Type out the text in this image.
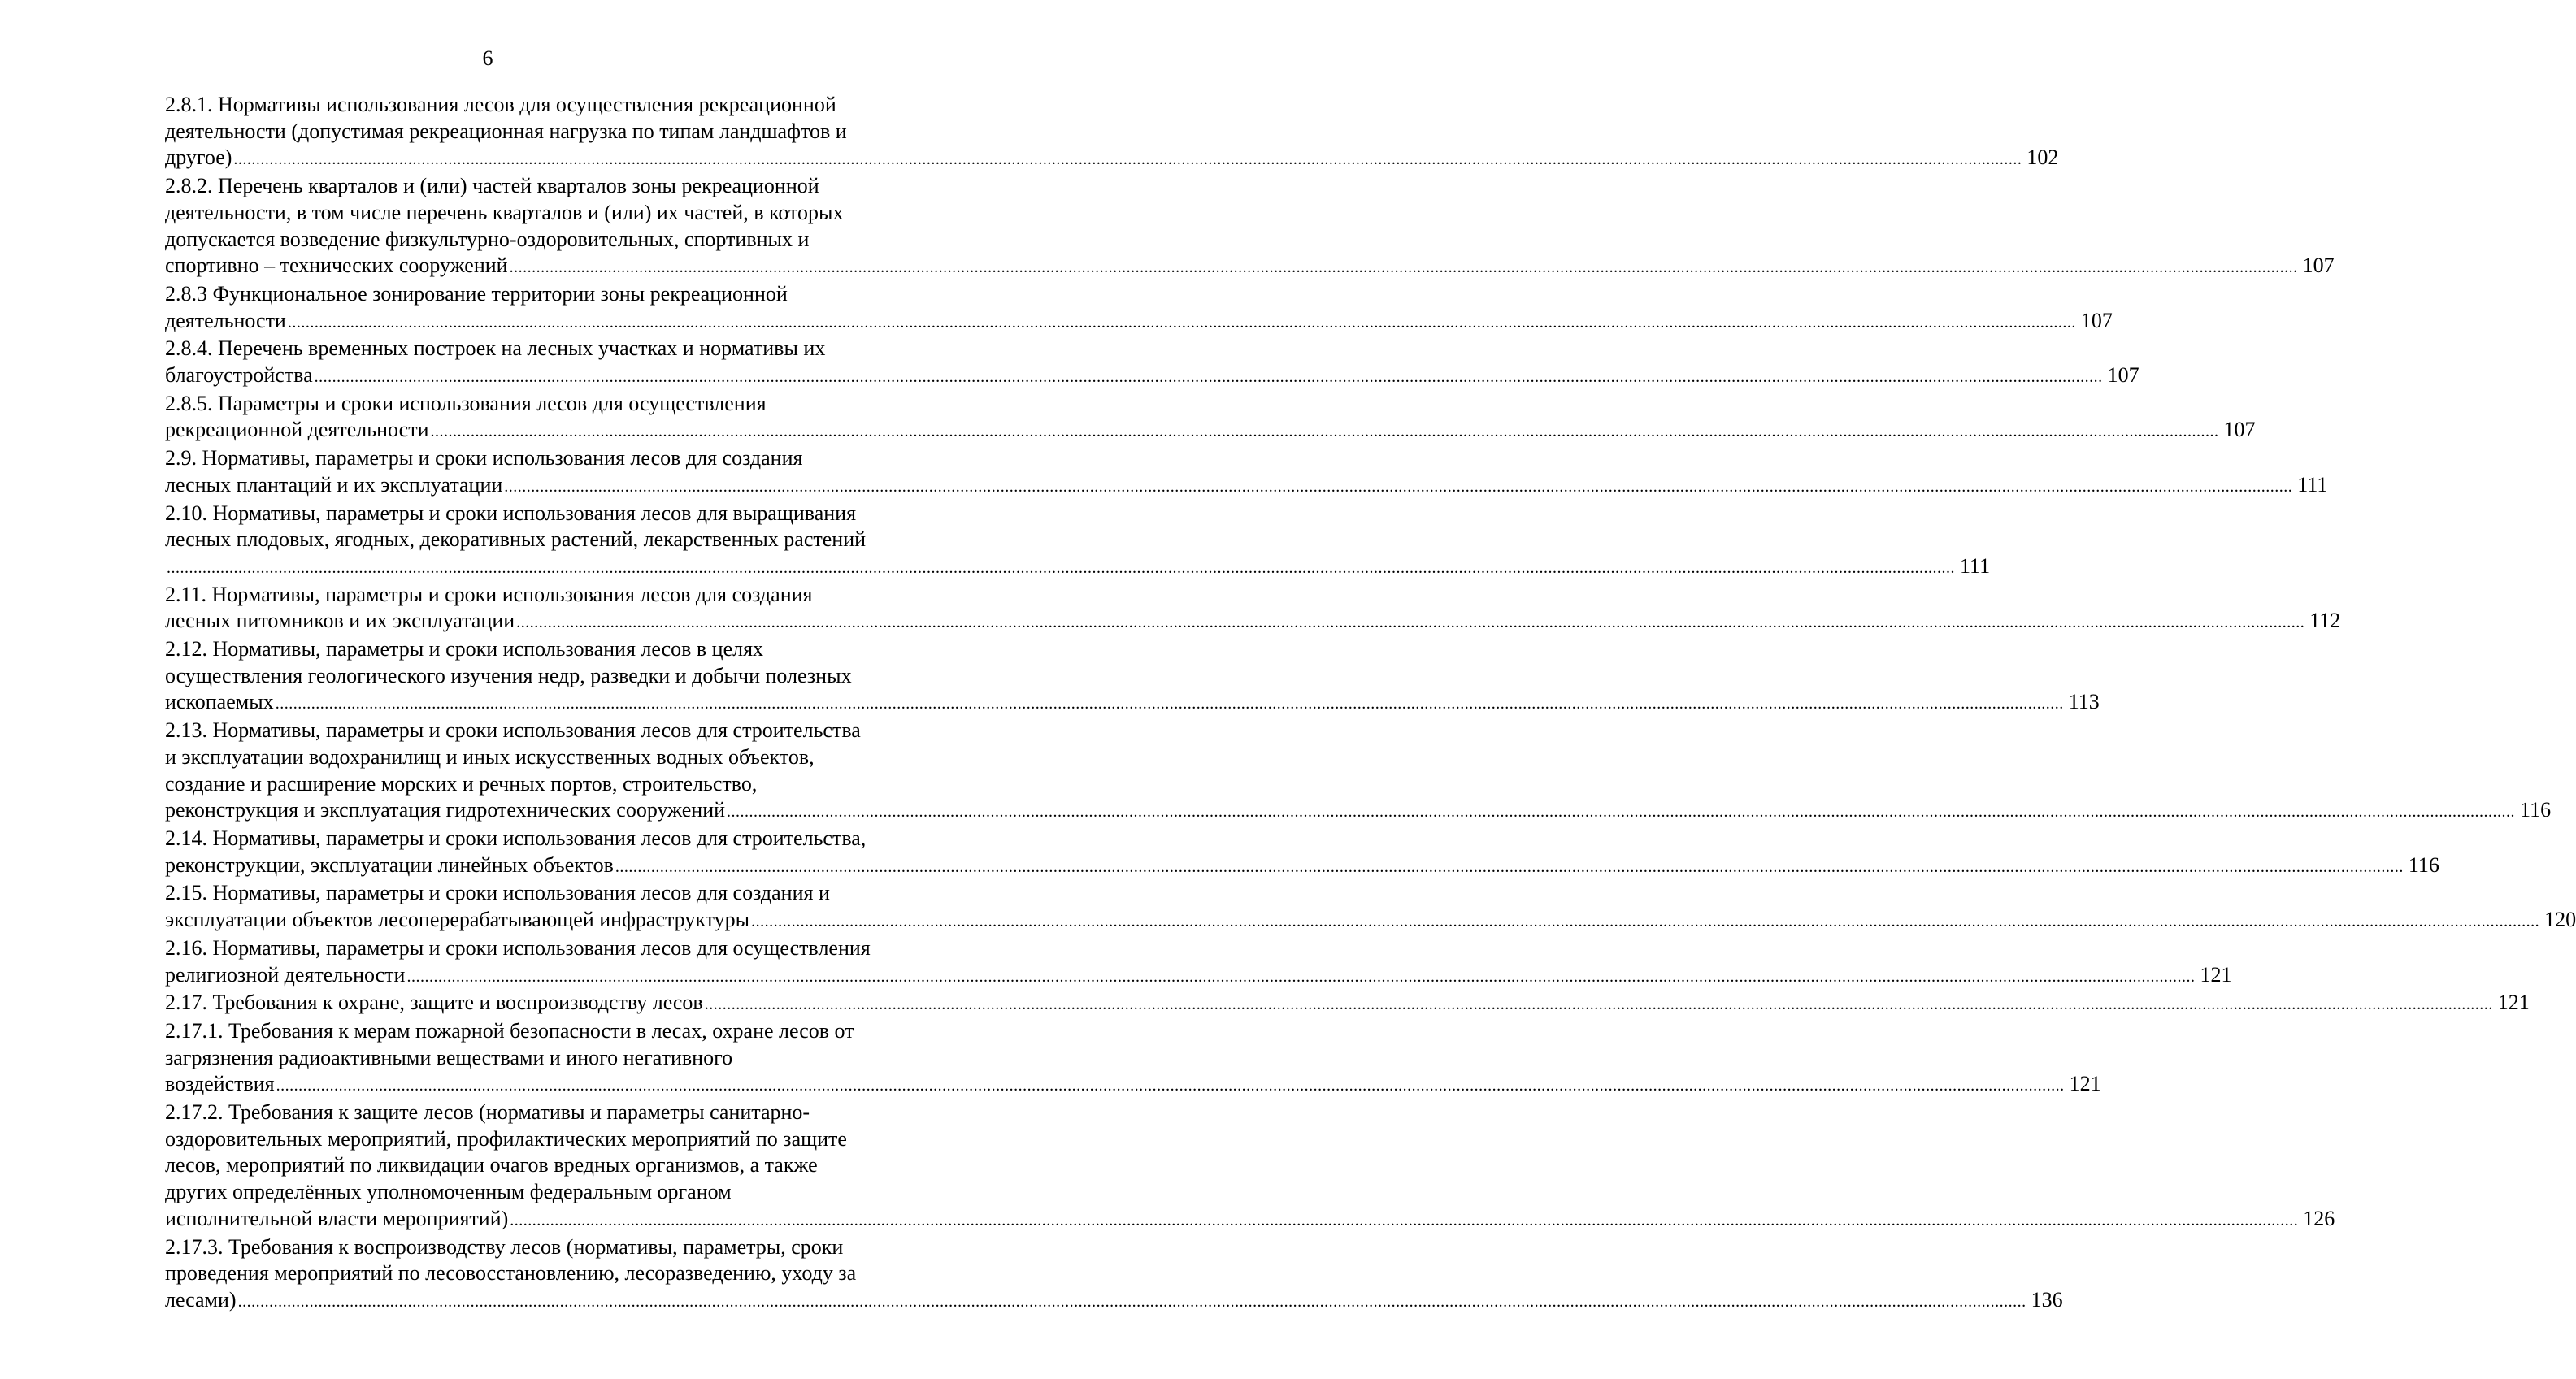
6
2.8.1. Нормативы использования лесов для осуществления рекреационной
деятельности (допустимая рекреационная нагрузка по типам ландшафтов и
другое) ................................................................................................................................................................................................................................................................................................................................................................................................................ 102
2.8.2. Перечень кварталов и (или) частей кварталов зоны рекреационной
деятельности, в том числе перечень кварталов и (или) их частей, в которых
допускается возведение физкультурно-оздоровительных, спортивных и
спортивно – технических сооружений ................................................................................................................................................................................................................................................................................................................................................................................................................ 107
2.8.3 Функциональное зонирование территории зоны рекреационной
деятельности ................................................................................................................................................................................................................................................................................................................................................................................................................ 107
2.8.4. Перечень временных построек на лесных участках и нормативы их
благоустройства ................................................................................................................................................................................................................................................................................................................................................................................................................ 107
2.8.5. Параметры и сроки использования лесов для осуществления
рекреационной деятельности ................................................................................................................................................................................................................................................................................................................................................................................................................ 107
2.9. Нормативы, параметры и сроки использования лесов для создания
лесных плантаций и их эксплуатации ................................................................................................................................................................................................................................................................................................................................................................................................................ 111
2.10. Нормативы, параметры и сроки использования лесов для выращивания
лесных плодовых, ягодных, декоративных растений, лекарственных растений
................................................................................................................................................................................................................................................................................................................................................................................................................ 111
2.11. Нормативы, параметры и сроки использования лесов для создания
лесных питомников и их эксплуатации ................................................................................................................................................................................................................................................................................................................................................................................................................ 112
2.12. Нормативы, параметры и сроки использования лесов в целях
осуществления геологического изучения недр, разведки и добычи полезных
ископаемых ................................................................................................................................................................................................................................................................................................................................................................................................................ 113
2.13. Нормативы, параметры и сроки использования лесов для строительства
и эксплуатации водохранилищ и иных искусственных водных объектов,
создание и расширение морских и речных портов, строительство,
реконструкция и эксплуатация гидротехнических сооружений ................................................................................................................................................................................................................................................................................................................................................................................................................ 116
2.14. Нормативы, параметры и сроки использования лесов для строительства,
реконструкции, эксплуатации линейных объектов ................................................................................................................................................................................................................................................................................................................................................................................................................ 116
2.15. Нормативы, параметры и сроки использования лесов для создания и
эксплуатации объектов лесоперерабатывающей инфраструктуры ................................................................................................................................................................................................................................................................................................................................................................................................................ 120
2.16. Нормативы, параметры и сроки использования лесов для осуществления
религиозной деятельности ................................................................................................................................................................................................................................................................................................................................................................................................................ 121
2.17. Требования к охране, защите и воспроизводству лесов ................................................................................................................................................................................................................................................................................................................................................................................................................ 121
2.17.1. Требования к мерам пожарной безопасности в лесах, охране лесов от
загрязнения радиоактивными веществами и иного негативного
воздействия ................................................................................................................................................................................................................................................................................................................................................................................................................ 121
2.17.2. Требования к защите лесов (нормативы и параметры санитарно-
оздоровительных мероприятий, профилактических мероприятий по защите
лесов, мероприятий по ликвидации очагов вредных организмов, а также
других определённых уполномоченным федеральным органом
исполнительной власти мероприятий) ................................................................................................................................................................................................................................................................................................................................................................................................................ 126
2.17.3. Требования к воспроизводству лесов (нормативы, параметры, сроки
проведения мероприятий по лесовосстановлению, лесоразведению, уходу за
лесами) ................................................................................................................................................................................................................................................................................................................................................................................................................ 136
